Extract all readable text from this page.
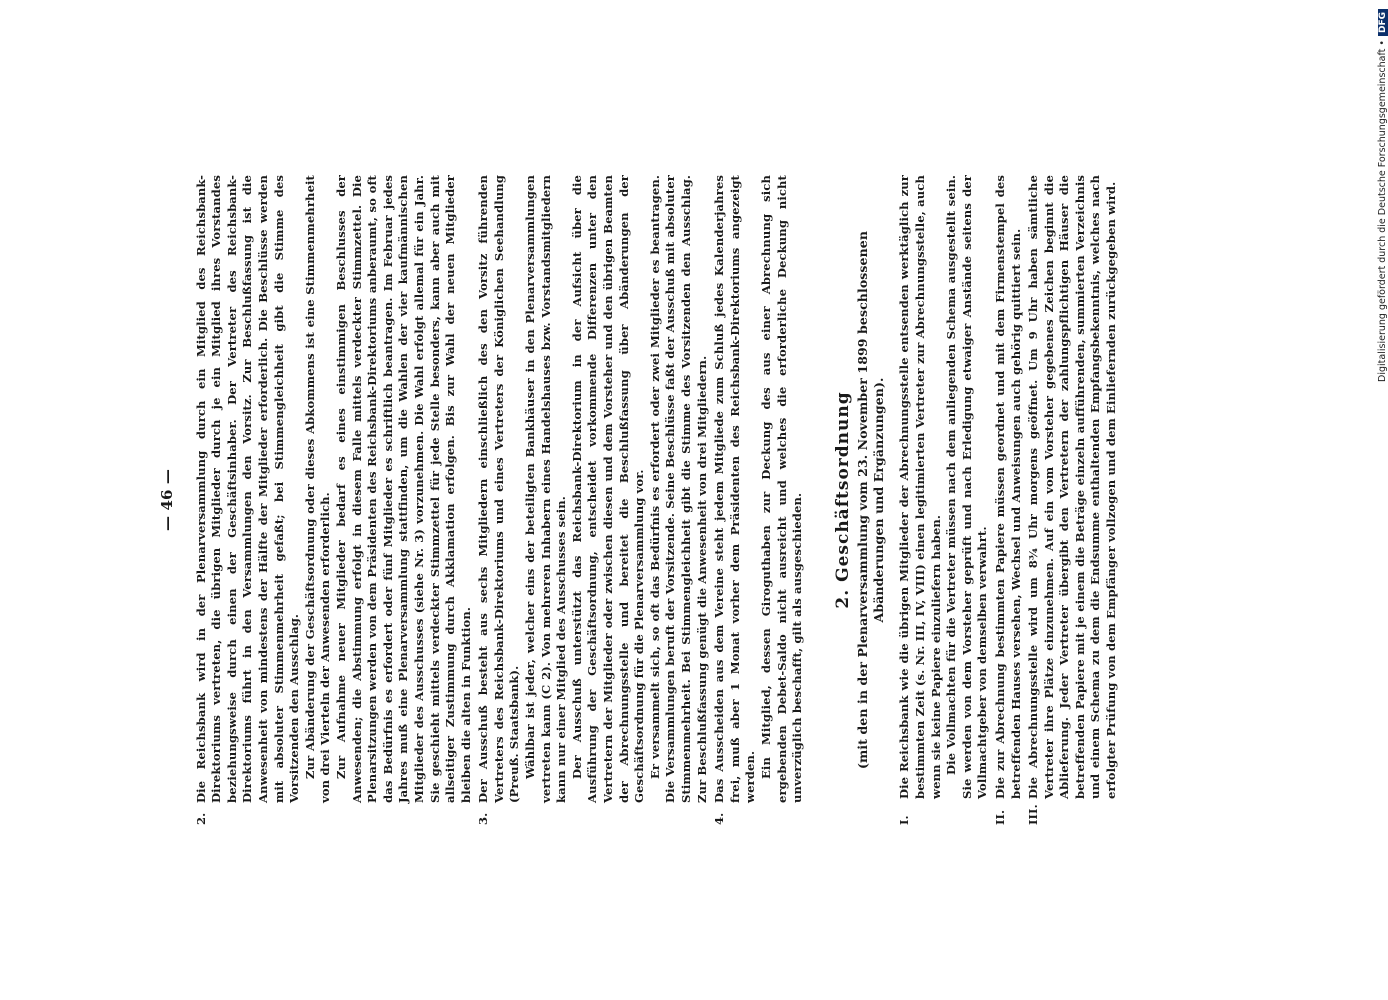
— 46 —
2.

Die Reichsbank wird in der Plenarversammlung durch ein Mitglied des Reichsbank-Direktoriums vertreten, die übrigen Mitglieder durch je ein Mitglied ihres Vorstandes beziehungsweise durch einen der Geschäftsinhaber. Der Vertreter des Reichsbank-Direktoriums führt in den Versammlungen den Vorsitz. Zur Beschlußfassung ist die Anwesenheit von mindestens der Hälfte der Mitglieder erforderlich. Die Beschlüsse werden mit absoluter Stimmenmehrheit gefaßt; bei Stimmengleichheit gibt die Stimme des Vorsitzenden den Ausschlag. Zur Abänderung der Geschäftsordnung oder dieses Abkommens ist eine Stimmenmehrheit von drei Vierteln der Anwesenden erforderlich. Zur Aufnahme neuer Mitglieder bedarf es eines einstimmigen Beschlusses der Anwesenden; die Abstimmung erfolgt in diesem Falle mittels verdeckter Stimmzettel. Die Plenarsitzungen werden von dem Präsidenten des Reichsbank-Direktoriums anberaumt, so oft das Bedürfnis es erfordert oder fünf Mitglieder es schriftlich beantragen. Im Februar jedes Jahres muß eine Plenarversammlung stattfinden, um die Wahlen der vier kaufmännischen Mitglieder des Ausschusses (siehe Nr. 3) vorzunehmen. Die Wahl erfolgt allemal für ein Jahr. Sie geschieht mittels verdeckter Stimmzettel für jede Stelle besonders, kann aber auch mit allseitiger Zustimmung durch Akklamation erfolgen. Bis zur Wahl der neuen Mitglieder bleiben die alten in Funktion.

3.

Der Ausschuß besteht aus sechs Mitgliedern einschließlich des den Vorsitz führenden Vertreters des Reichsbank-Direktoriums und eines Vertreters der Königlichen Seehandlung (Preuß. Staatsbank). Wählbar ist jeder, welcher eins der beteiligten Bankhäuser in den Plenarversammlungen vertreten kann (C 2). Von mehreren Inhabern eines Handelshauses bzw. Vorstandsmitgliedern kann nur einer Mitglied des Ausschusses sein. Der Ausschuß unterstützt das Reichsbank-Direktorium in der Aufsicht über die Ausführung der Geschäftsordnung, entscheidet vorkommende Differenzen unter den Vertretern der Mitglieder oder zwischen diesen und dem Vorsteher und den übrigen Beamten der Abrechnungsstelle und bereitet die Beschlußfassung über Abänderungen der Geschäftsordnung für die Plenarversammlung vor. Er versammelt sich, so oft das Bedürfnis es erfordert oder zwei Mitglieder es beantragen. Die Versammlungen beruft der Vorsitzende. Seine Beschlüsse faßt der Ausschuß mit absoluter Stimmenmehrheit. Bei Stimmengleichheit gibt die Stimme des Vorsitzenden den Ausschlag. Zur Beschlußfassung genügt die Anwesenheit von drei Mitgliedern.

4.

Das Ausscheiden aus dem Vereine steht jedem Mitgliede zum Schluß jedes Kalenderjahres frei, muß aber 1 Monat vorher dem Präsidenten des Reichsbank-Direktoriums angezeigt werden. Ein Mitglied, dessen Giroguthaben zur Deckung des aus einer Abrechnung sich ergebenden Debet-Saldo nicht ausreicht und welches die erforderliche Deckung nicht unverzüglich beschafft, gilt als ausgeschieden. 2. Geschäftsordnung (mit den in der Plenarversammlung vom 23. November 1899 beschlossenen Abänderungen und Ergänzungen).
I.

Die Reichsbank wie die übrigen Mitglieder der Abrechnungsstelle entsenden werktäglich zur bestimmten Zeit (s. Nr. III, IV, VIII) einen legitimierten Vertreter zur Abrechnungsstelle, auch wenn sie keine Papiere einzuliefern haben. Die Vollmachten für die Vertreter müssen nach dem anliegenden Schema ausgestellt sein. Sie werden von dem Vorsteher geprüft und nach Erledigung etwaiger Anstände seitens der Vollmachtgeber von demselben verwahrt.

II.

Die zur Abrechnung bestimmten Papiere müssen geordnet und mit dem Firmenstempel des betreffenden Hauses versehen, Wechsel und Anweisungen auch gehörig quittiert sein.

III.

Die Abrechnungsstelle wird um 8¾ Uhr morgens geöffnet. Um 9 Uhr haben sämtliche Vertreter ihre Plätze einzunehmen. Auf ein vom Vorsteher gegebenes Zeichen beginnt die Ablieferung. Jeder Vertreter übergibt den Vertretern der zahlungspflichtigen Häuser die betreffenden Papiere mit je einem die Beträge einzeln aufführenden, summierten Verzeichnis und einem Schema zu dem die Endsumme enthaltenden Empfangsbekenntnis, welches nach erfolgter Prüfung von dem Empfänger vollzogen und dem Einliefernden zurückgegeben wird.	Digitalisierung gefördert durch die Deutsche Forschungsgemeinschaft •DFG
